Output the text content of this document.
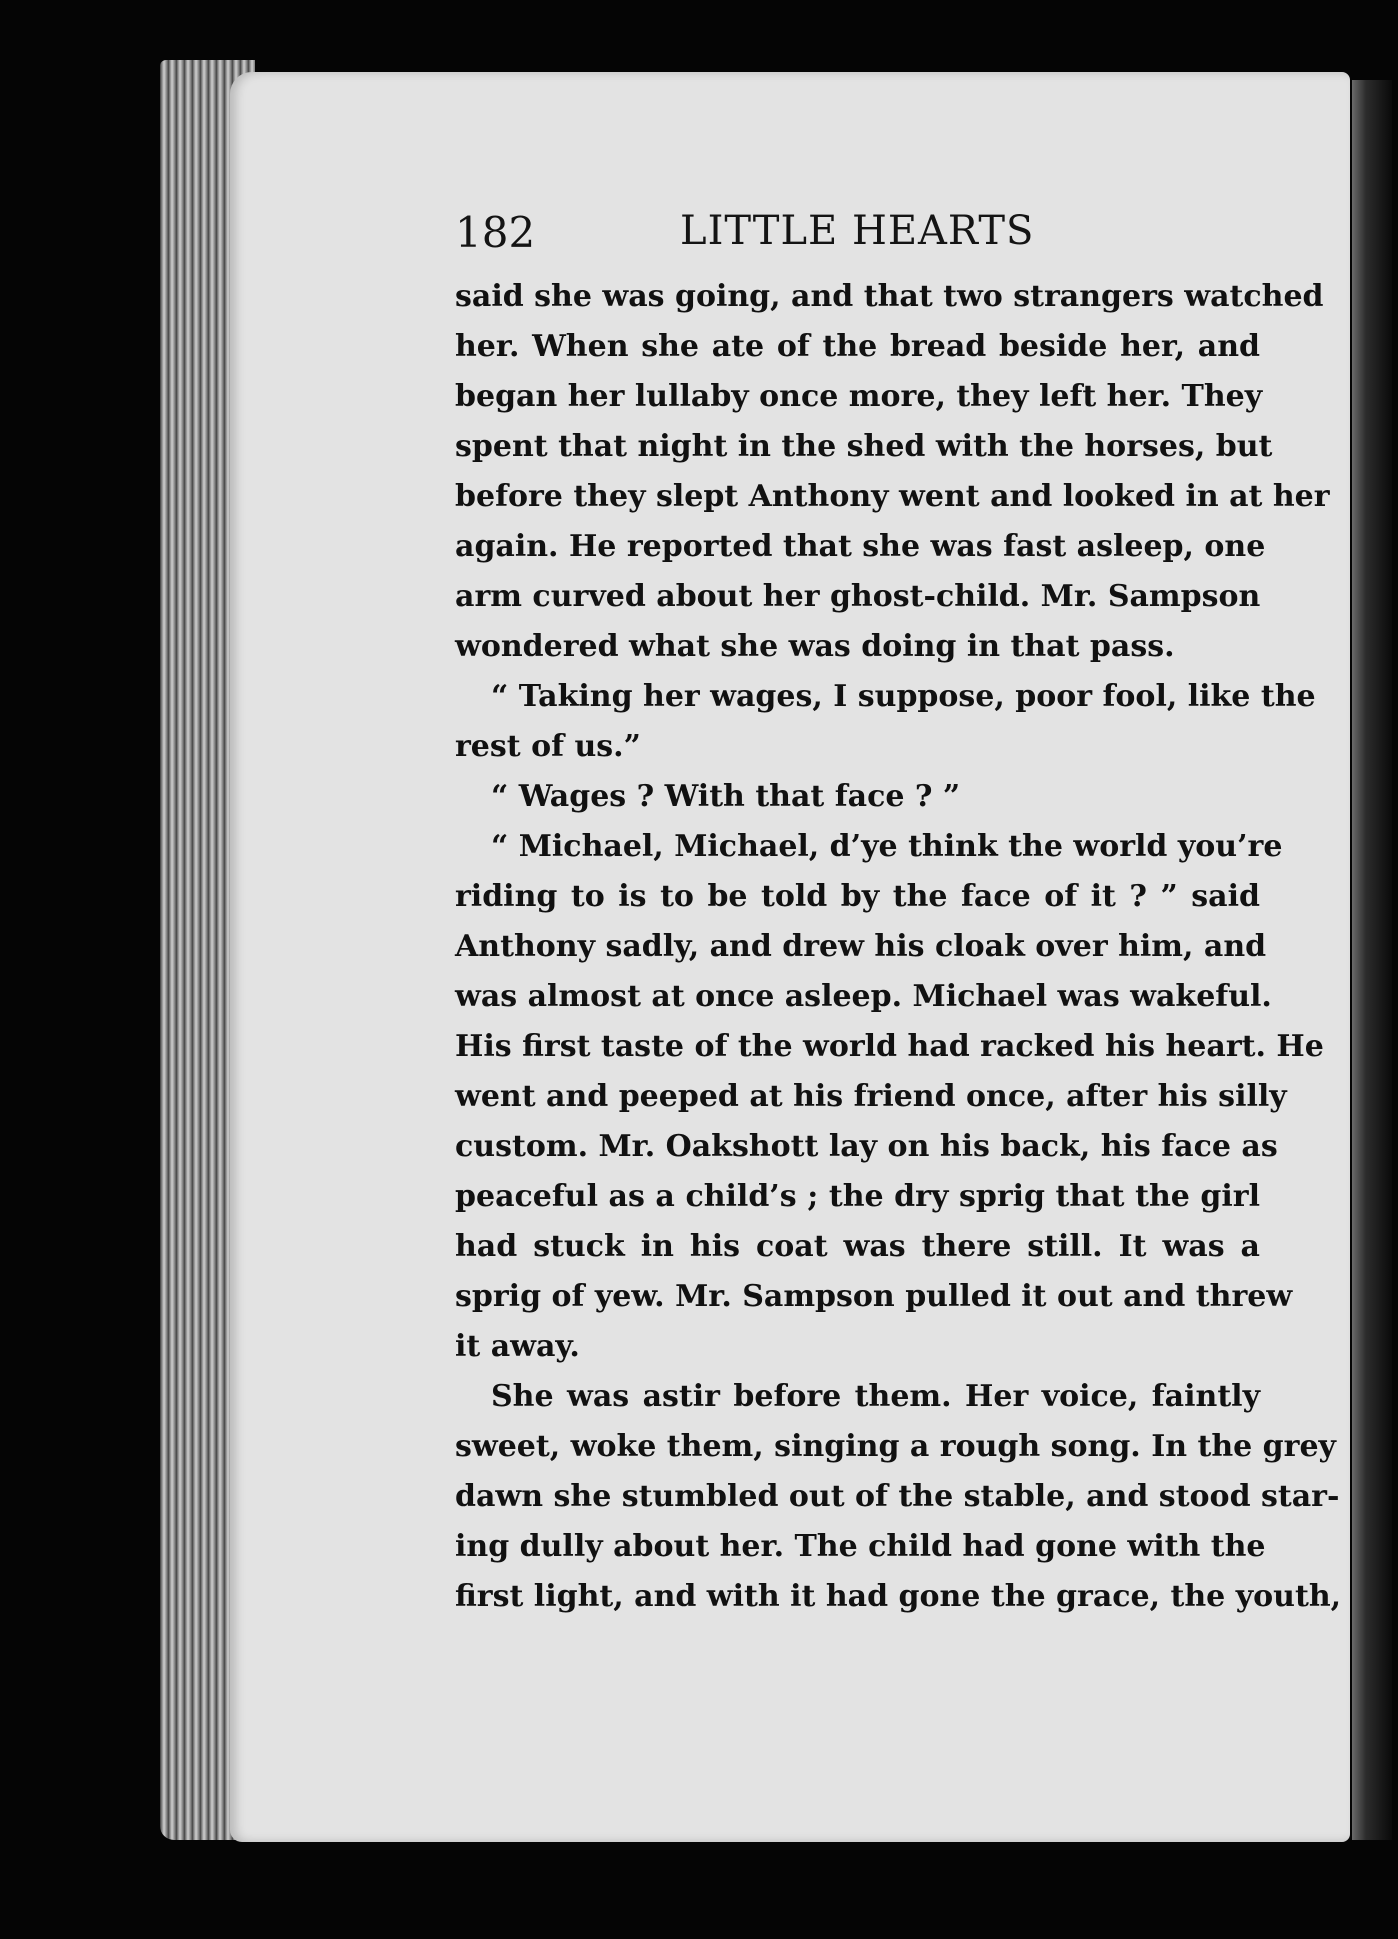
182	LITTLE HEARTS
said she was going, and that two strangers watched
her. When she ate of the bread beside her, and
began her lullaby once more, they left her. They
spent that night in the shed with the horses, but
before they slept Anthony went and looked in at her
again. He reported that she was fast asleep, one
arm curved about her ghost-child. Mr. Sampson
wondered what she was doing in that pass.
“ Taking her wages, I suppose, poor fool, like the
rest of us.”
“ Wages ? With that face ? ”
“ Michael, Michael, d’ye think the world you’re
riding to is to be told by the face of it ? ” said
Anthony sadly, and drew his cloak over him, and
was almost at once asleep. Michael was wakeful.
His first taste of the world had racked his heart. He
went and peeped at his friend once, after his silly
custom. Mr. Oakshott lay on his back, his face as
peaceful as a child’s ; the dry sprig that the girl
had stuck in his coat was there still. It was a
sprig of yew. Mr. Sampson pulled it out and threw
it away.
She was astir before them. Her voice, faintly
sweet, woke them, singing a rough song. In the grey
dawn she stumbled out of the stable, and stood star-
ing dully about her. The child had gone with the
first light, and with it had gone the grace, the youth,
